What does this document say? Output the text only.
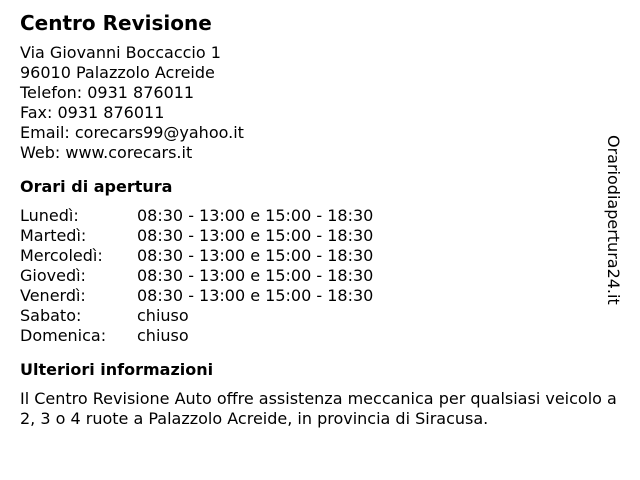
Centro Revisione
Via Giovanni Boccaccio 1
96010 Palazzolo Acreide
Telefon: 0931 876011
Fax: 0931 876011
Email: corecars99@yahoo.it
Web: www.corecars.it
Orari di apertura
Lunedì:	08:30 - 13:00 e 15:00 - 18:30
Martedì:	08:30 - 13:00 e 15:00 - 18:30
Mercoledì: 08:30 - 13:00 e 15:00 - 18:30
Giovedì:	08:30 - 13:00 e 15:00 - 18:30
Venerdì:	08:30 - 13:00 e 15:00 - 18:30
Sabato:	chiuso
Domenica: chiuso
Ulteriori informazioni
Il Centro Revisione Auto offre assistenza meccanica per qualsiasi veicolo a 2, 3 o 4 ruote a Palazzolo Acreide, in provincia di Siracusa.
Orariodiapertura24.it
